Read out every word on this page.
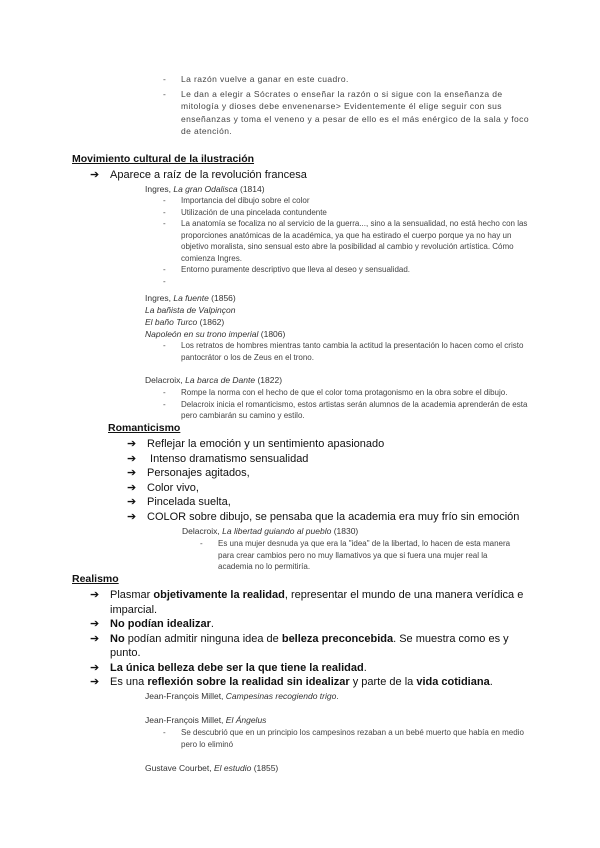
-	La razón vuelve a ganar en este cuadro.
-	Le dan a elegir a Sócrates o enseñar la razón o si sigue con la enseñanza de mitología y dioses debe envenenarse> Evidentemente él elige seguir con sus enseñanzas y toma el veneno y a pesar de ello es el más enérgico de la sala y foco de atención.
Movimiento cultural de la ilustración
➔ Aparece a raíz de la revolución francesa
Ingres, La gran Odalisca (1814)
-	Importancia del dibujo sobre el color
-	Utilización de una pincelada contundente
-	La anatomía se focaliza no al servicio de la guerra..., sino a la sensualidad, no está hecho con las proporciones anatómicas de la académica, ya que ha estirado el cuerpo porque ya no hay un objetivo moralista, sino sensual esto abre la posibilidad al cambio y revolución artística. Cómo comienza Ingres.
-	Entorno puramente descriptivo que lleva al deseo y sensualidad.
-
Ingres, La fuente (1856)
La bañista de Valpinçon
El baño Turco (1862)
Napoleón en su trono imperial (1806)
-	Los retratos de hombres mientras tanto cambia la actitud la presentación lo hacen como el cristo pantocrátor o los de Zeus en el trono.
Delacroix, La barca de Dante (1822)
-	Rompe la norma con el hecho de que el color toma protagonismo en la obra sobre el dibujo.
-	Delacroix inicia el romanticismo, estos artistas serán alumnos de la academia aprenderán de esta pero cambiarán su camino y estilo.
Romanticismo
➔ Reflejar la emoción y un sentimiento apasionado
➔ Intenso dramatismo sensualidad
➔ Personajes agitados,
➔ Color vivo,
➔ Pincelada suelta,
➔ COLOR sobre dibujo, se pensaba que la academia era muy frío sin emoción
Delacroix, La libertad guiando al pueblo (1830)
-	Es una mujer desnuda ya que era la "idea" de la libertad, lo hacen de esta manera para crear cambios pero no muy llamativos ya que si fuera una mujer real la academia no lo permitiría.
Realismo
➔ Plasmar objetivamente la realidad, representar el mundo de una manera verídica e imparcial.
➔ No podían idealizar.
➔ No podían admitir ninguna idea de belleza preconcebida. Se muestra como es y punto.
➔ La única belleza debe ser la que tiene la realidad.
➔ Es una reflexión sobre la realidad sin idealizar y parte de la vida cotidiana.
Jean-François Millet, Campesinas recogiendo trigo.
Jean-François Millet, El Ángelus
-	Se descubrió que en un principio los campesinos rezaban a un bebé muerto que había en medio pero lo eliminó
Gustave Courbet, El estudio (1855)
